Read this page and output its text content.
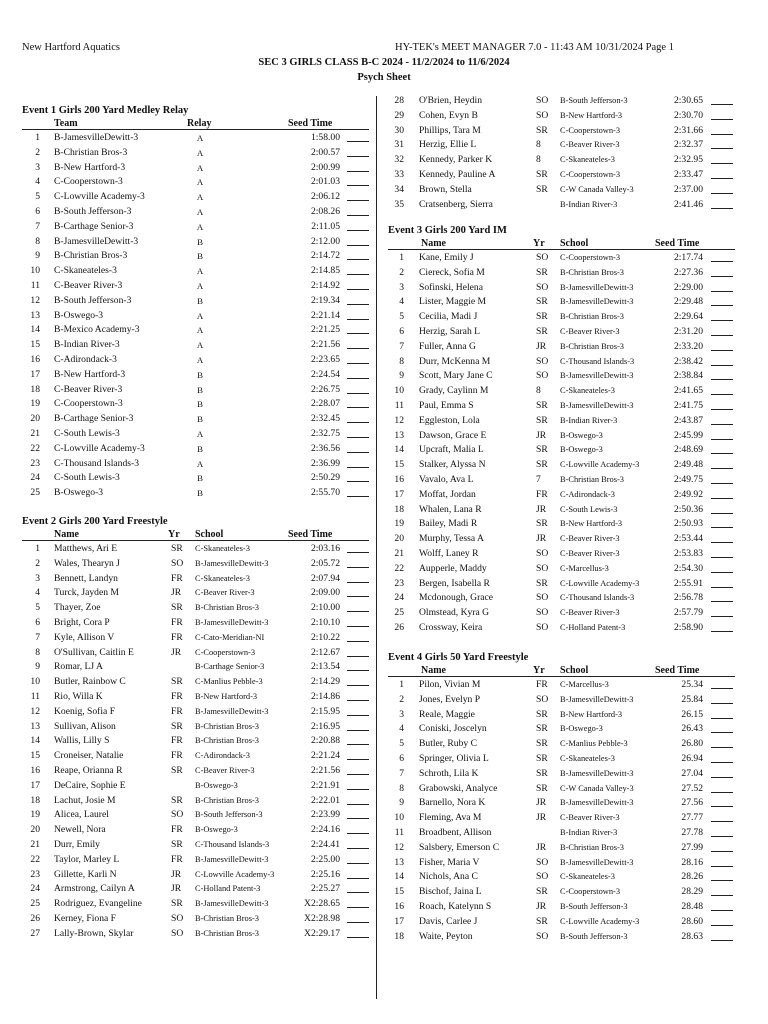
New Hartford Aquatics	HY-TEK's MEET MANAGER 7.0 - 11:43 AM 10/31/2024 Page 1
SEC 3 GIRLS CLASS B-C 2024 - 11/2/2024 to 11/6/2024
Psych Sheet
Event 1 Girls 200 Yard Medley Relay
Team	Relay	Seed Time
1 B-JamesvilleDewitt-3	A	1:58.00
2 B-Christian Bros-3	A	2:00.57
3 B-New Hartford-3	A	2:00.99
4 C-Cooperstown-3	A	2:01.03
5 C-Lowville Academy-3	A	2:06.12
6 B-South Jefferson-3	A	2:08.26
7 B-Carthage Senior-3	A	2:11.05
8 B-JamesvilleDewitt-3	B	2:12.00
9 B-Christian Bros-3	B	2:14.72
10 C-Skaneateles-3	A	2:14.85
11 C-Beaver River-3	A	2:14.92
12 B-South Jefferson-3	B	2:19.34
13 B-Oswego-3	A	2:21.14
14 B-Mexico Academy-3	A	2:21.25
15 B-Indian River-3	A	2:21.56
16 C-Adirondack-3	A	2:23.65
17 B-New Hartford-3	B	2:24.54
18 C-Beaver River-3	B	2:26.75
19 C-Cooperstown-3	B	2:28.07
20 B-Carthage Senior-3	B	2:32.45
21 C-South Lewis-3	A	2:32.75
22 C-Lowville Academy-3	B	2:36.56
23 C-Thousand Islands-3	A	2:36.99
24 C-South Lewis-3	B	2:50.29
25 B-Oswego-3	B	2:55.70
Event 2 Girls 200 Yard Freestyle
Name	Yr School	Seed Time
1 Matthews, Ari E	SR C-Skaneateles-3	2:03.16
2 Wales, Thearyn J	SO B-JamesvilleDewitt-3	2:05.72
3 Bennett, Landyn	FR C-Skaneateles-3	2:07.94
4 Turck, Jayden M	JR C-Beaver River-3	2:09.00
5 Thayer, Zoe	SR B-Christian Bros-3	2:10.00
6 Bright, Cora P	FR B-JamesvilleDewitt-3	2:10.10
7 Kyle, Allison V	FR C-Cato-Meridian-NI	2:10.22
8 O'Sullivan, Caitlin E	JR C-Cooperstown-3	2:12.67
9 Romar, LJ A	B-Carthage Senior-3	2:13.54
10 Butler, Rainbow C	SR C-Manlius Pebble-3	2:14.29
11 Rio, Willa K	FR B-New Hartford-3	2:14.86
12 Koenig, Sofia F	FR B-JamesvilleDewitt-3	2:15.95
13 Sullivan, Alison	SR B-Christian Bros-3	2:16.95
14 Wallis, Lilly S	FR B-Christian Bros-3	2:20.88
15 Croneiser, Natalie	FR C-Adirondack-3	2:21.24
16 Reape, Orianna R	SR C-Beaver River-3	2:21.56
17 DeCaire, Sophie E	B-Oswego-3	2:21.91
18 Lachut, Josie M	SR B-Christian Bros-3	2:22.01
19 Alicea, Laurel	SO B-South Jefferson-3	2:23.99
20 Newell, Nora	FR B-Oswego-3	2:24.16
21 Durr, Emily	SR C-Thousand Islands-3	2:24.41
22 Taylor, Marley L	FR B-JamesvilleDewitt-3	2:25.00
23 Gillette, Karli N	JR C-Lowville Academy-3	2:25.16
24 Armstrong, Cailyn A	JR C-Holland Patent-3	2:25.27
25 Rodriguez, Evangeline	SR B-JamesvilleDewitt-3	X2:28.65
26 Kerney, Fiona F	SO B-Christian Bros-3	X2:28.98
27 Lally-Brown, Skylar	SO B-Christian Bros-3	X2:29.17
28 O'Brien, Heydin	SO B-South Jefferson-3	2:30.65
29 Cohen, Evyn B	SO B-New Hartford-3	2:30.70
30 Phillips, Tara M	SR C-Cooperstown-3	2:31.66
31 Herzig, Ellie L	8 C-Beaver River-3	2:32.37
32 Kennedy, Parker K	8 C-Skaneateles-3	2:32.95
33 Kennedy, Pauline A	SR C-Cooperstown-3	2:33.47
34 Brown, Stella	SR C-W Canada Valley-3	2:37.00
35 Cratsenberg, Sierra	B-Indian River-3	2:41.46
Event 3 Girls 200 Yard IM
Name	Yr School	Seed Time
1 Kane, Emily J	SO C-Cooperstown-3	2:17.74
2 Ciereck, Sofia M	SR B-Christian Bros-3	2:27.36
3 Sofinski, Helena	SO B-JamesvilleDewitt-3	2:29.00
4 Lister, Maggie M	SR B-JamesvilleDewitt-3	2:29.48
5 Cecilia, Madi J	SR B-Christian Bros-3	2:29.64
6 Herzig, Sarah L	SR C-Beaver River-3	2:31.20
7 Fuller, Anna G	JR B-Christian Bros-3	2:33.20
8 Durr, McKenna M	SO C-Thousand Islands-3	2:38.42
9 Scott, Mary Jane C	SO B-JamesvilleDewitt-3	2:38.84
10 Grady, Caylinn M	8 C-Skaneateles-3	2:41.65
11 Paul, Emma S	SR B-JamesvilleDewitt-3	2:41.75
12 Eggleston, Lola	SR B-Indian River-3	2:43.87
13 Dawson, Grace E	JR B-Oswego-3	2:45.99
14 Upcraft, Malia L	SR B-Oswego-3	2:48.69
15 Stalker, Alyssa N	SR C-Lowville Academy-3	2:49.48
16 Vavalo, Ava L	7 B-Christian Bros-3	2:49.75
17 Moffat, Jordan	FR C-Adirondack-3	2:49.92
18 Whalen, Lana R	JR C-South Lewis-3	2:50.36
19 Bailey, Madi R	SR B-New Hartford-3	2:50.93
20 Murphy, Tessa A	JR C-Beaver River-3	2:53.44
21 Wolff, Laney R	SO C-Beaver River-3	2:53.83
22 Aupperle, Maddy	SO C-Marcellus-3	2:54.30
23 Bergen, Isabella R	SR C-Lowville Academy-3	2:55.91
24 Mcdonough, Grace	SO C-Thousand Islands-3	2:56.78
25 Olmstead, Kyra G	SO C-Beaver River-3	2:57.79
26 Crossway, Keira	SO C-Holland Patent-3	2:58.90
Event 4 Girls 50 Yard Freestyle
Name	Yr School	Seed Time
1 Pilon, Vivian M	FR C-Marcellus-3	25.34
2 Jones, Evelyn P	SO B-JamesvilleDewitt-3	25.84
3 Reale, Maggie	SR B-New Hartford-3	26.15
4 Coniski, Joscelyn	SR B-Oswego-3	26.43
5 Butler, Ruby C	SR C-Manlius Pebble-3	26.80
6 Springer, Olivia L	SR C-Skaneateles-3	26.94
7 Schroth, Lila K	SR B-JamesvilleDewitt-3	27.04
8 Grabowski, Analyce	SR C-W Canada Valley-3	27.52
9 Barnello, Nora K	JR B-JamesvilleDewitt-3	27.56
10 Fleming, Ava M	JR C-Beaver River-3	27.77
11 Broadbent, Allison	B-Indian River-3	27.78
12 Salsbery, Emerson C	JR B-Christian Bros-3	27.99
13 Fisher, Maria V	SO B-JamesvilleDewitt-3	28.16
14 Nichols, Ana C	SO C-Skaneateles-3	28.26
15 Bischof, Jaina L	SR C-Cooperstown-3	28.29
16 Roach, Katelynn S	JR B-South Jefferson-3	28.48
17 Davis, Carlee J	SR C-Lowville Academy-3	28.60
18 Waite, Peyton	SO B-South Jefferson-3	28.63
